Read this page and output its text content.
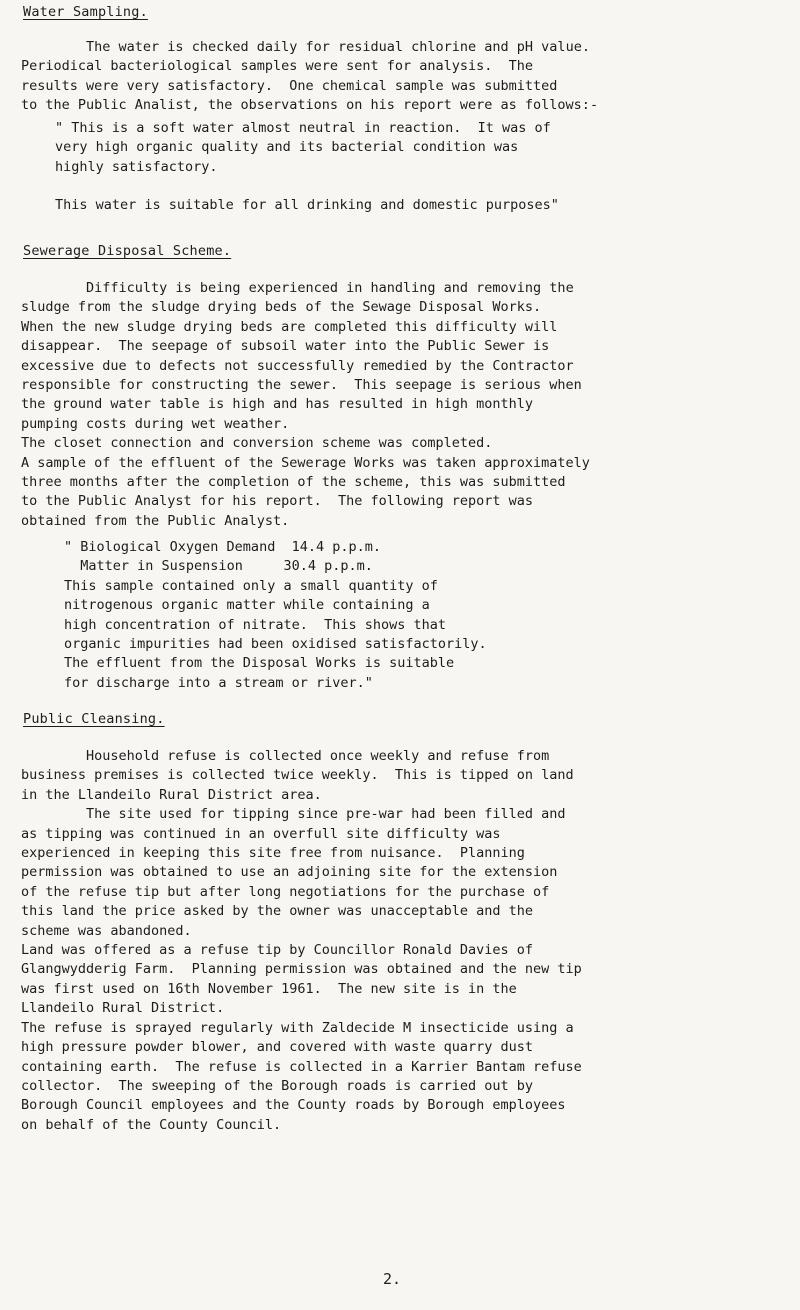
Water Sampling.

The water is checked daily for residual chlorine and pH value.
Periodical bacteriological samples were sent for analysis.  The
results were very satisfactory.  One chemical sample was submitted
to the Public Analist, the observations on his report were as follows:-

" This is a soft water almost neutral in reaction.  It was of
very high organic quality and its bacterial condition was
highly satisfactory.

This water is suitable for all drinking and domestic purposes"

Sewerage Disposal Scheme.

Difficulty is being experienced in handling and removing the
sludge from the sludge drying beds of the Sewage Disposal Works.
When the new sludge drying beds are completed this difficulty will
disappear.  The seepage of subsoil water into the Public Sewer is
excessive due to defects not successfully remedied by the Contractor
responsible for constructing the sewer.  This seepage is serious when
the ground water table is high and has resulted in high monthly
pumping costs during wet weather.
The closet connection and conversion scheme was completed.
A sample of the effluent of the Sewerage Works was taken approximately
three months after the completion of the scheme, this was submitted
to the Public Analyst for his report.  The following report was
obtained from the Public Analyst.

" Biological Oxygen Demand  14.4 p.p.m.
Matter in Suspension     30.4 p.p.m.
This sample contained only a small quantity of
nitrogenous organic matter while containing a
high concentration of nitrate.  This shows that
organic impurities had been oxidised satisfactorily.
The effluent from the Disposal Works is suitable
for discharge into a stream or river."

Public Cleansing.

Household refuse is collected once weekly and refuse from
business premises is collected twice weekly.  This is tipped on land
in the Llandeilo Rural District area.
The site used for tipping since pre-war had been filled and
as tipping was continued in an overfull site difficulty was
experienced in keeping this site free from nuisance.  Planning
permission was obtained to use an adjoining site for the extension
of the refuse tip but after long negotiations for the purchase of
this land the price asked by the owner was unacceptable and the
scheme was abandoned.
Land was offered as a refuse tip by Councillor Ronald Davies of
Glangwydderig Farm.  Planning permission was obtained and the new tip
was first used on 16th November 1961.  The new site is in the
Llandeilo Rural District.
The refuse is sprayed regularly with Zaldecide M insecticide using a
high pressure powder blower, and covered with waste quarry dust
containing earth.  The refuse is collected in a Karrier Bantam refuse
collector.  The sweeping of the Borough roads is carried out by
Borough Council employees and the County roads by Borough employees
on behalf of the County Council.

2.
